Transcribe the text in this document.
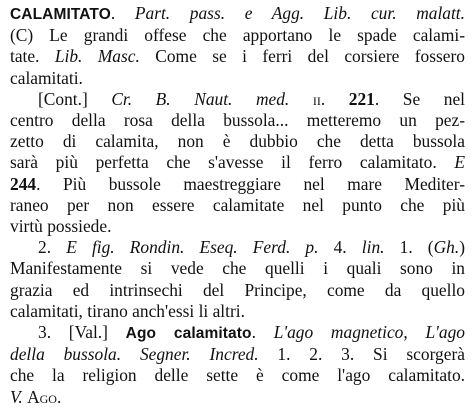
CALAMITATO. Part. pass. e Agg. Lib. cur. malatt.
(C) Le grandi offese che apportano le spade calami-
tate. Lib. Masc. Come se i ferri del corsiere fossero
calamitati.
[Cont.] Cr. B. Naut. med. ii. 221. Se nel
centro della rosa della bussola... metteremo un pez-
zetto di calamita, non è dubbio che detta bussola
sarà più perfetta che s'avesse il ferro calamitato. E
244. Più bussole maestreggiare nel mare Mediter-
raneo per non essere calamitate nel punto che più
virtù possiede.
2. E fig. Rondin. Eseq. Ferd. p. 4. lin. 1. (Gh.)
Manifestamente si vede che quelli i quali sono in
grazia ed intrinsechi del Principe, come da quello
calamitati, tirano anch'essi li altri.
3. [Val.] Ago calamitato. L'ago magnetico, L'ago
della bussola. Segner. Incred. 1. 2. 3. Si scorgerà
che la religion delle sette è come l'ago calamitato.
V. Ago.
